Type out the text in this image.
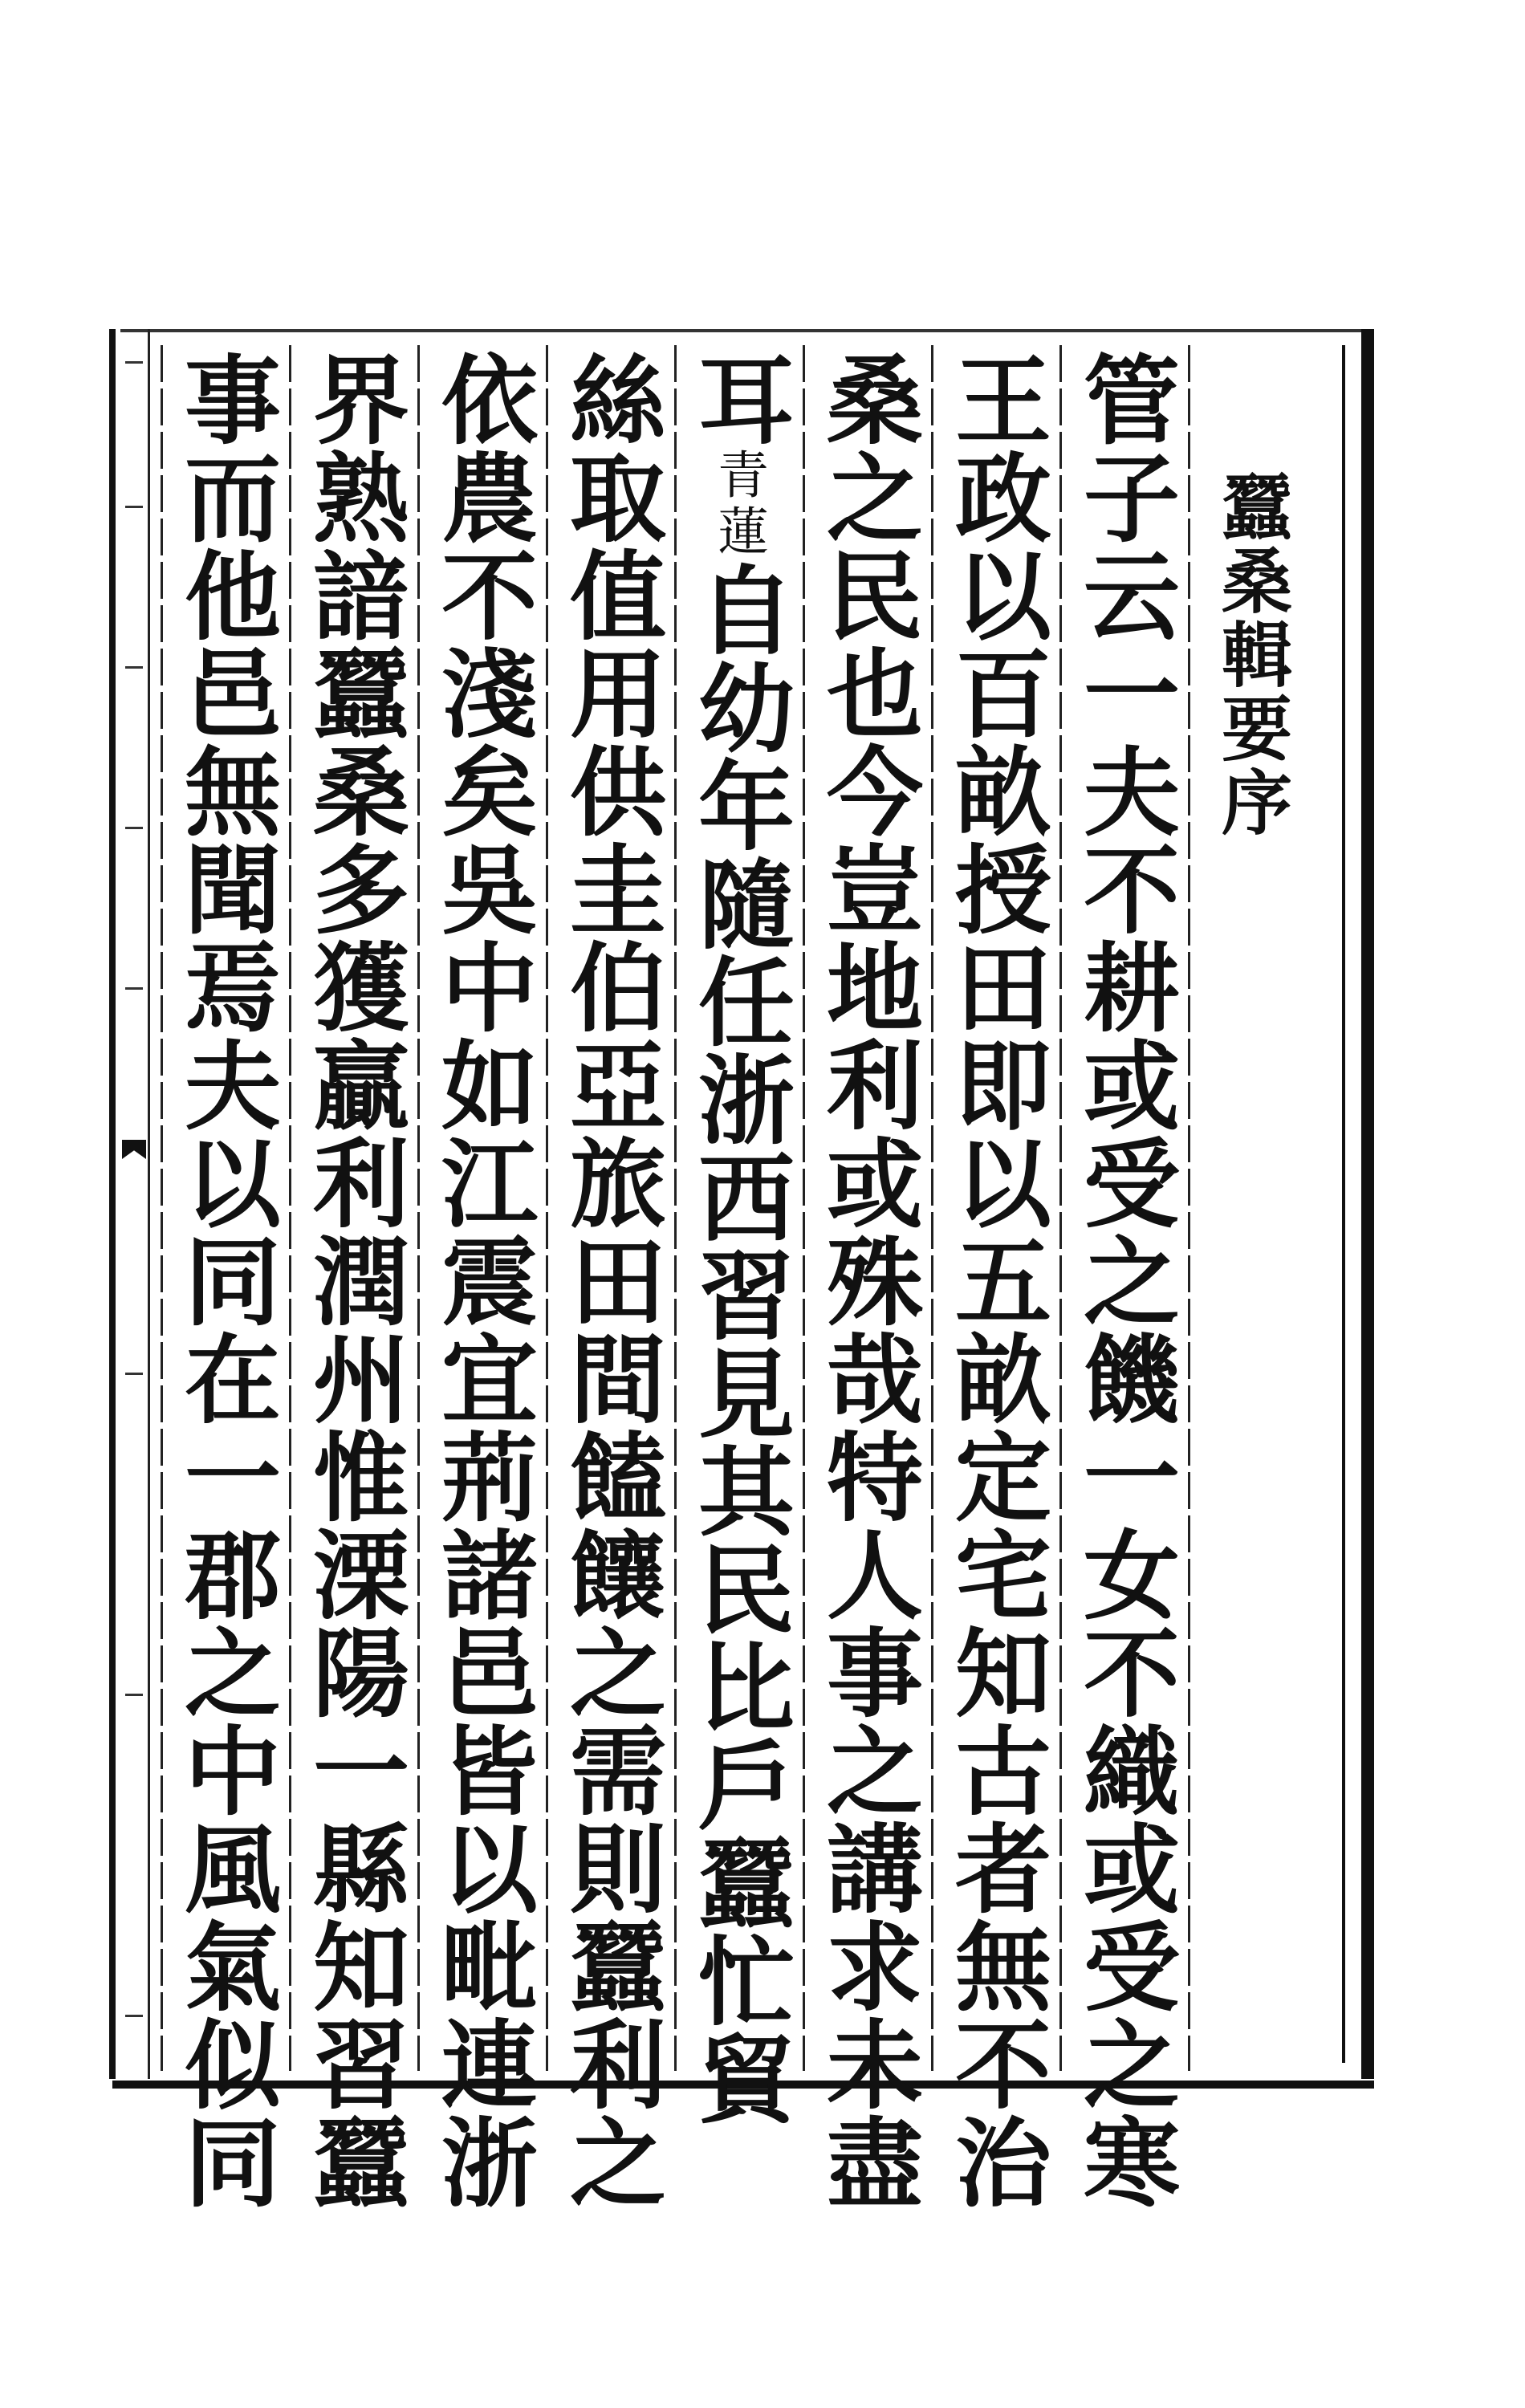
蠶桑輯要序
管子云一夫不耕或受之饑一女不織或受之寒
王政以百畝授田即以五畝定宅知古者無不治
桑之民也今豈地利或殊哉特人事之講求未盡
耳青蓮自幼年隨任浙西習見其民比戶蠶忙貿
絲取值用供圭伯亞旅田間饁饟之需則蠶利之
依農不淺矣吳中如江震宜荊諸邑皆以毗連浙
界熟諳蠶桑多獲贏利潤州惟溧陽一縣知習蠶
事而他邑無聞焉夫以同在一郡之中風氣似同
